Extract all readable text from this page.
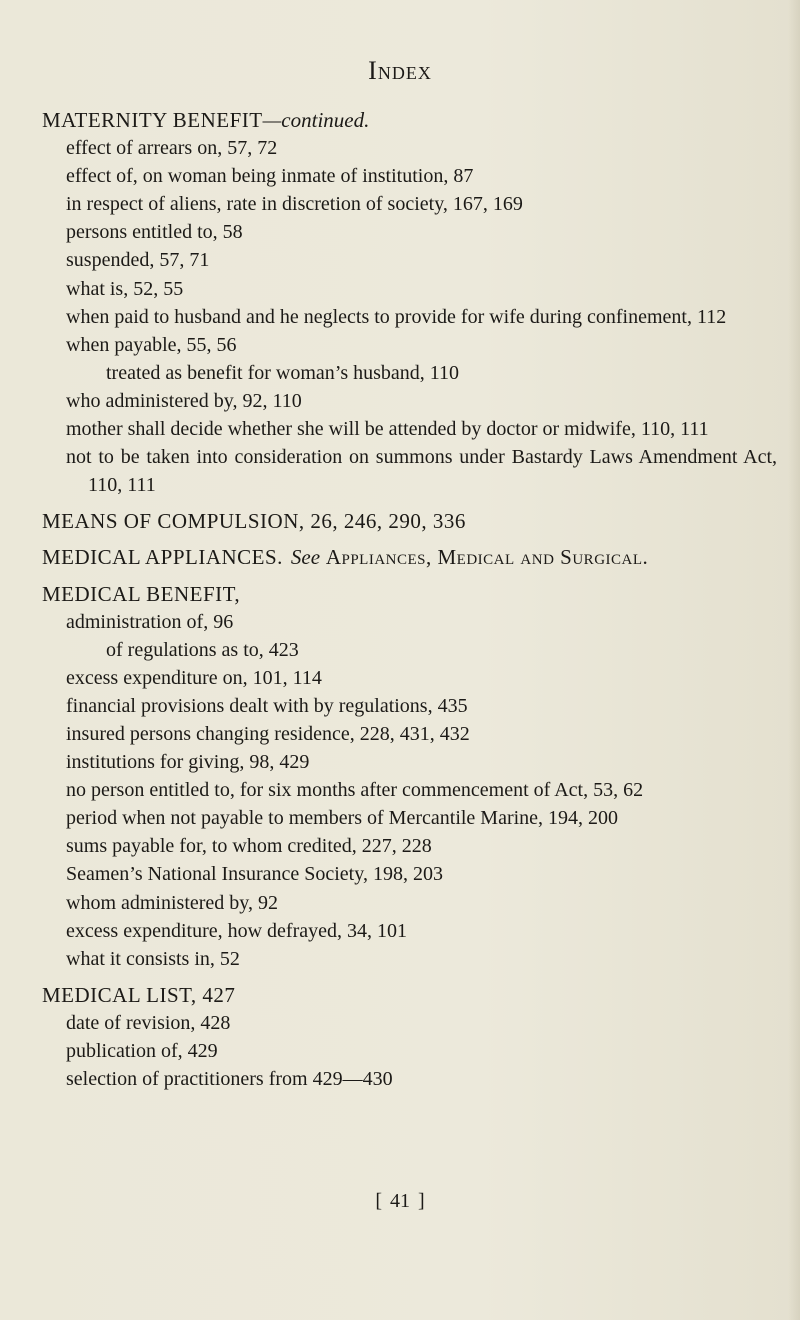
Index
MATERNITY BENEFIT—continued.
effect of arrears on, 57, 72
effect of, on woman being inmate of institution, 87
in respect of aliens, rate in discretion of society, 167, 169
persons entitled to, 58
suspended, 57, 71
what is, 52, 55
when paid to husband and he neglects to provide for wife during confinement, 112
when payable, 55, 56
treated as benefit for woman’s husband, 110
who administered by, 92, 110
mother shall decide whether she will be attended by doctor or midwife, 110, 111
not to be taken into consideration on summons under Bastardy Laws Amendment Act, 110, 111
MEANS OF COMPULSION, 26, 246, 290, 336
MEDICAL APPLIANCES. See Appliances, Medical and Surgical.
MEDICAL BENEFIT,
administration of, 96
of regulations as to, 423
excess expenditure on, 101, 114
financial provisions dealt with by regulations, 435
insured persons changing residence, 228, 431, 432
institutions for giving, 98, 429
no person entitled to, for six months after commencement of Act, 53, 62
period when not payable to members of Mercantile Marine, 194, 200
sums payable for, to whom credited, 227, 228
Seamen’s National Insurance Society, 198, 203
whom administered by, 92
excess expenditure, how defrayed, 34, 101
what it consists in, 52
MEDICAL LIST, 427
date of revision, 428
publication of, 429
selection of practitioners from 429—430
[ 41 ]
